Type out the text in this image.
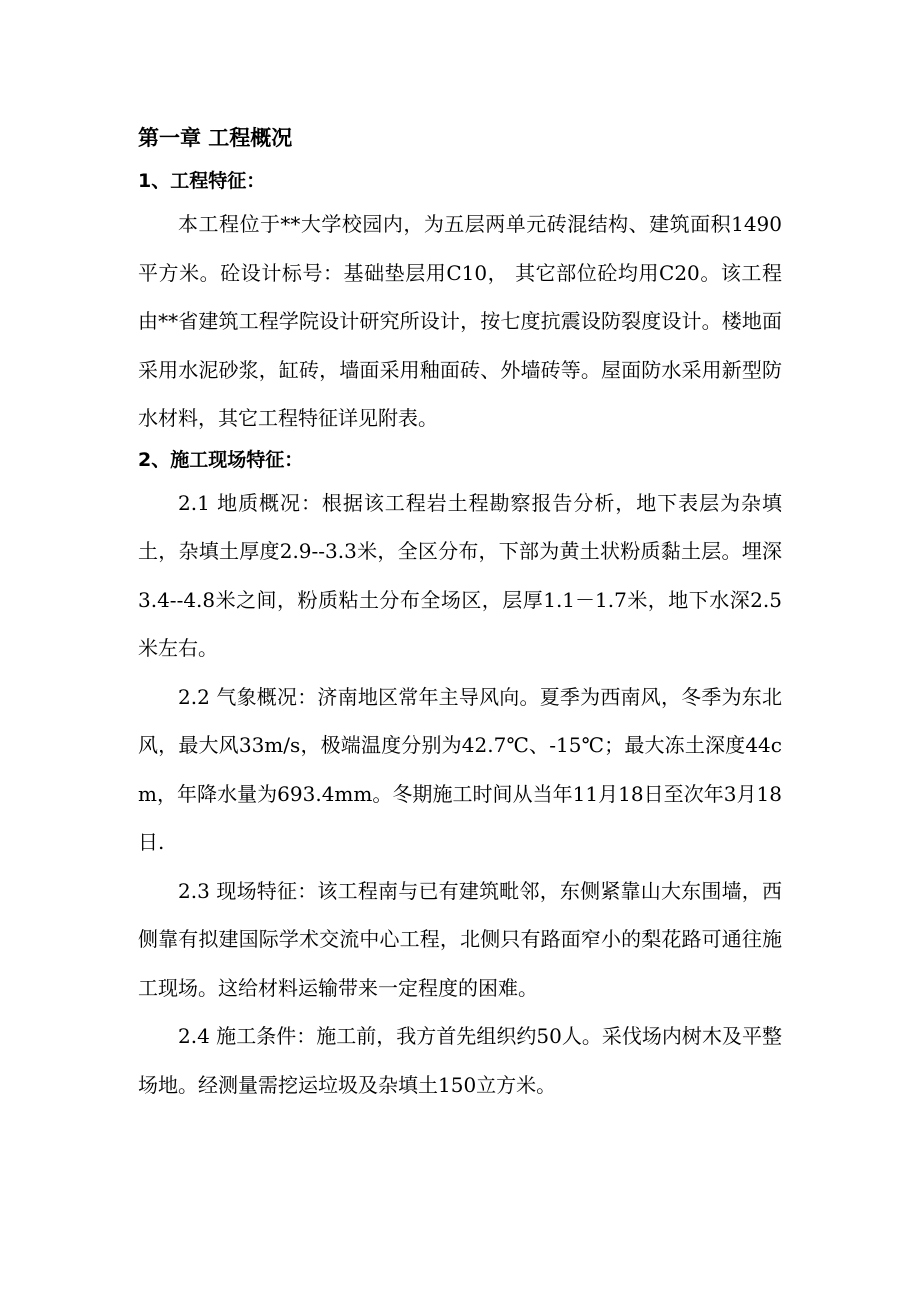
第一章 工程概况
1、工程特征：

本工程位于**大学校园内，为五层两单元砖混结构、建筑面积1490平方米。砼设计标号：基础垫层用C10， 其它部位砼均用C20。该工程由**省建筑工程学院设计研究所设计，按七度抗震设防裂度设计。楼地面采用水泥砂浆，缸砖，墙面采用釉面砖、外墙砖等。屋面防水采用新型防水材料，其它工程特征详见附表。

2、施工现场特征：

2.1 地质概况：根据该工程岩土程勘察报告分析，地下表层为杂填土，杂填土厚度2.9--3.3米，全区分布，下部为黄土状粉质黏土层。埋深3.4--4.8米之间，粉质粘土分布全场区，层厚1.1－1.7米，地下水深2.5米左右。

2.2 气象概况：济南地区常年主导风向。夏季为西南风，冬季为东北风，最大风33m/s，极端温度分别为42.7℃、-15℃；最大冻土深度44cm，年降水量为693.4mm。冬期施工时间从当年11月18日至次年3月18日.

2.3 现场特征：该工程南与已有建筑毗邻，东侧紧靠山大东围墙，西侧靠有拟建国际学术交流中心工程，北侧只有路面窄小的梨花路可通往施工现场。这给材料运输带来一定程度的困难。

2.4 施工条件：施工前，我方首先组织约50人。采伐场内树木及平整场地。经测量需挖运垃圾及杂填土150立方米。
